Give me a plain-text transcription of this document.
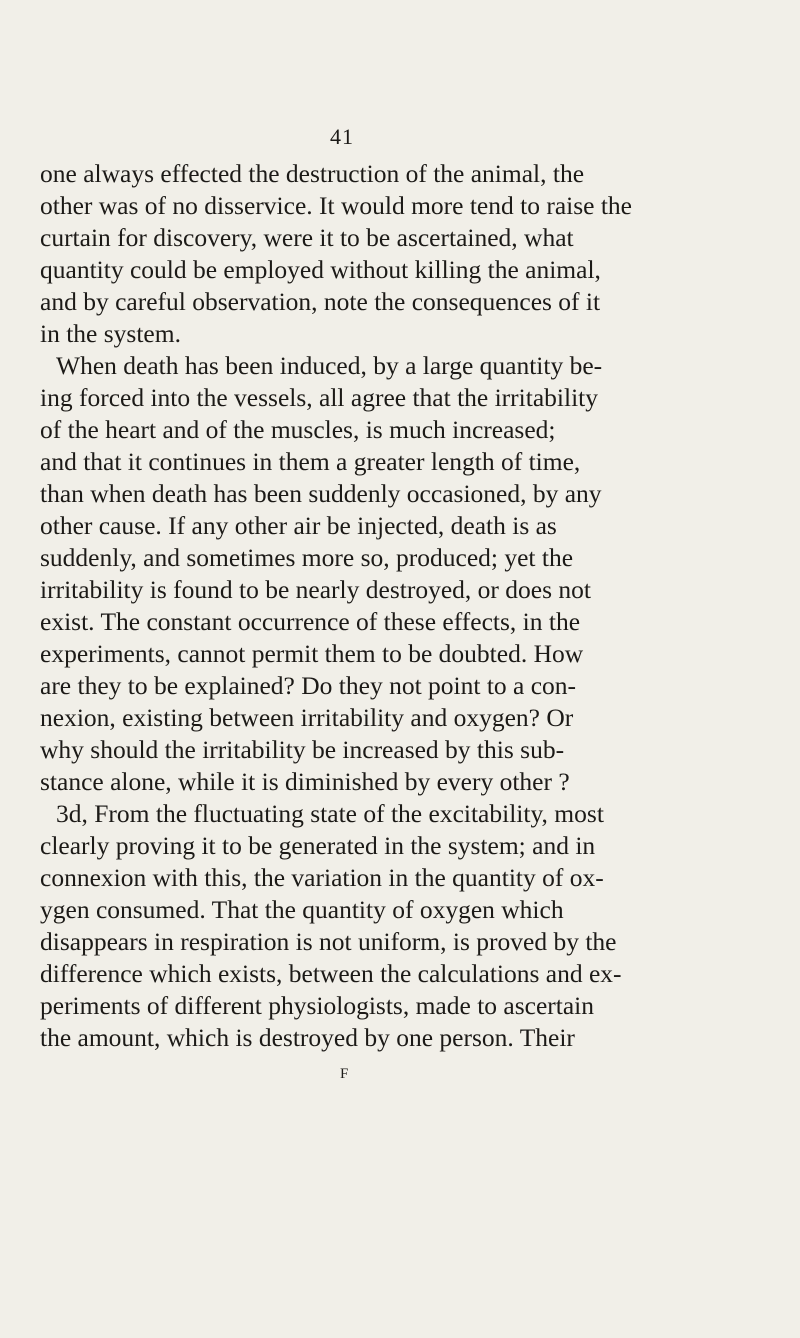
41
one always effected the destruction of the animal, the
other was of no disservice. It would more tend to raise the
curtain for discovery, were it to be ascertained, what
quantity could be employed without killing the animal,
and by careful observation, note the consequences of it
in the system.
When death has been induced, by a large quantity be-
ing forced into the vessels, all agree that the irritability
of the heart and of the muscles, is much increased;
and that it continues in them a greater length of time,
than when death has been suddenly occasioned, by any
other cause. If any other air be injected, death is as
suddenly, and sometimes more so, produced; yet the
irritability is found to be nearly destroyed, or does not
exist. The constant occurrence of these effects, in the
experiments, cannot permit them to be doubted. How
are they to be explained? Do they not point to a con-
nexion, existing between irritability and oxygen? Or
why should the irritability be increased by this sub-
stance alone, while it is diminished by every other ?
3d, From the fluctuating state of the excitability, most
clearly proving it to be generated in the system; and in
connexion with this, the variation in the quantity of ox-
ygen consumed. That the quantity of oxygen which
disappears in respiration is not uniform, is proved by the
difference which exists, between the calculations and ex-
periments of different physiologists, made to ascertain
the amount, which is destroyed by one person. Their
F
